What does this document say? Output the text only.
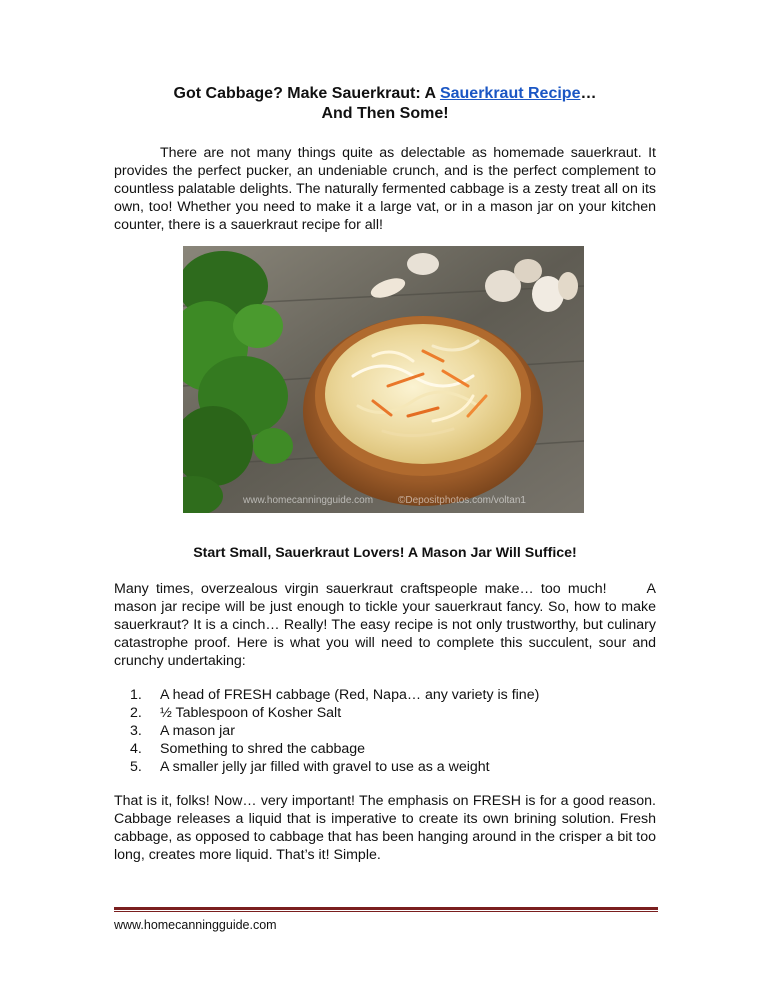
Got Cabbage? Make Sauerkraut: A Sauerkraut Recipe…
And Then Some!
There are not many things quite as delectable as homemade sauerkraut. It provides the perfect pucker, an undeniable crunch, and is the perfect complement to countless palatable delights. The naturally fermented cabbage is a zesty treat all on its own, too! Whether you need to make it a large vat, or in a mason jar on your kitchen counter, there is a sauerkraut recipe for all!
www.homecanningguide.com ©Depositphotos.com/voltan1
Start Small, Sauerkraut Lovers! A Mason Jar Will Suffice!
Many times, overzealous virgin sauerkraut craftspeople make… too much!	A mason jar recipe will be just enough to tickle your sauerkraut fancy. So, how to make sauerkraut? It is a cinch… Really! The easy recipe is not only trustworthy, but culinary catastrophe proof. Here is what you will need to complete this succulent, sour and crunchy undertaking:
1.	A head of FRESH cabbage (Red, Napa… any variety is fine)
2.	½ Tablespoon of Kosher Salt
3.	A mason jar
4.	Something to shred the cabbage
5.	A smaller jelly jar filled with gravel to use as a weight
That is it, folks! Now… very important! The emphasis on FRESH is for a good reason. Cabbage releases a liquid that is imperative to create its own brining solution. Fresh cabbage, as opposed to cabbage that has been hanging around in the crisper a bit too long, creates more liquid. That’s it! Simple.
www.homecanningguide.com
